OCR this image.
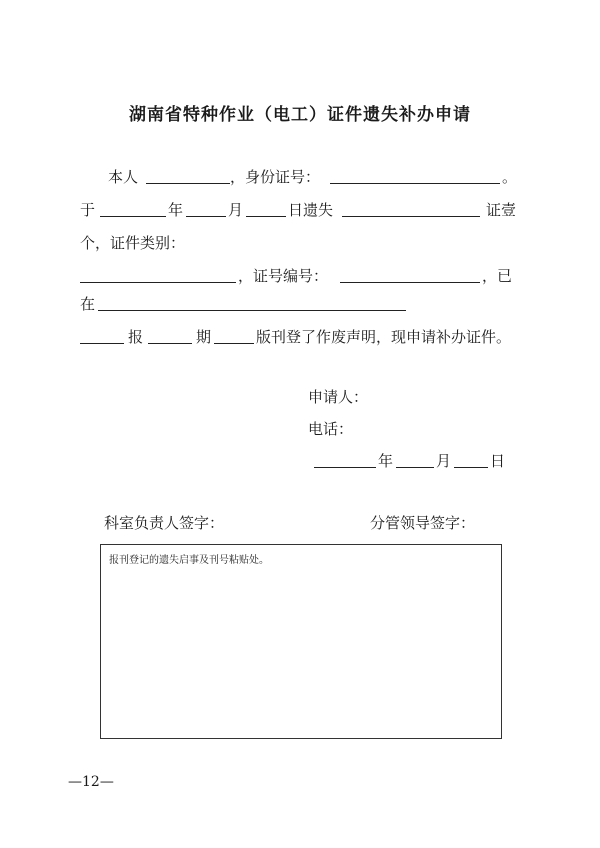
湖南省特种作业（电工）证件遗失补办申请
本人	，身份证号：	。
于	年	月	日遗失	证壹
个，证件类别：
，证号编号：	，已
在
报	期	版刊登了作废声明，现申请补办证件。
申请人：
电话：
年	月	日
科室负责人签字：	分管领导签字：
报刊登记的遗失启事及刊号粘贴处。
—12—
